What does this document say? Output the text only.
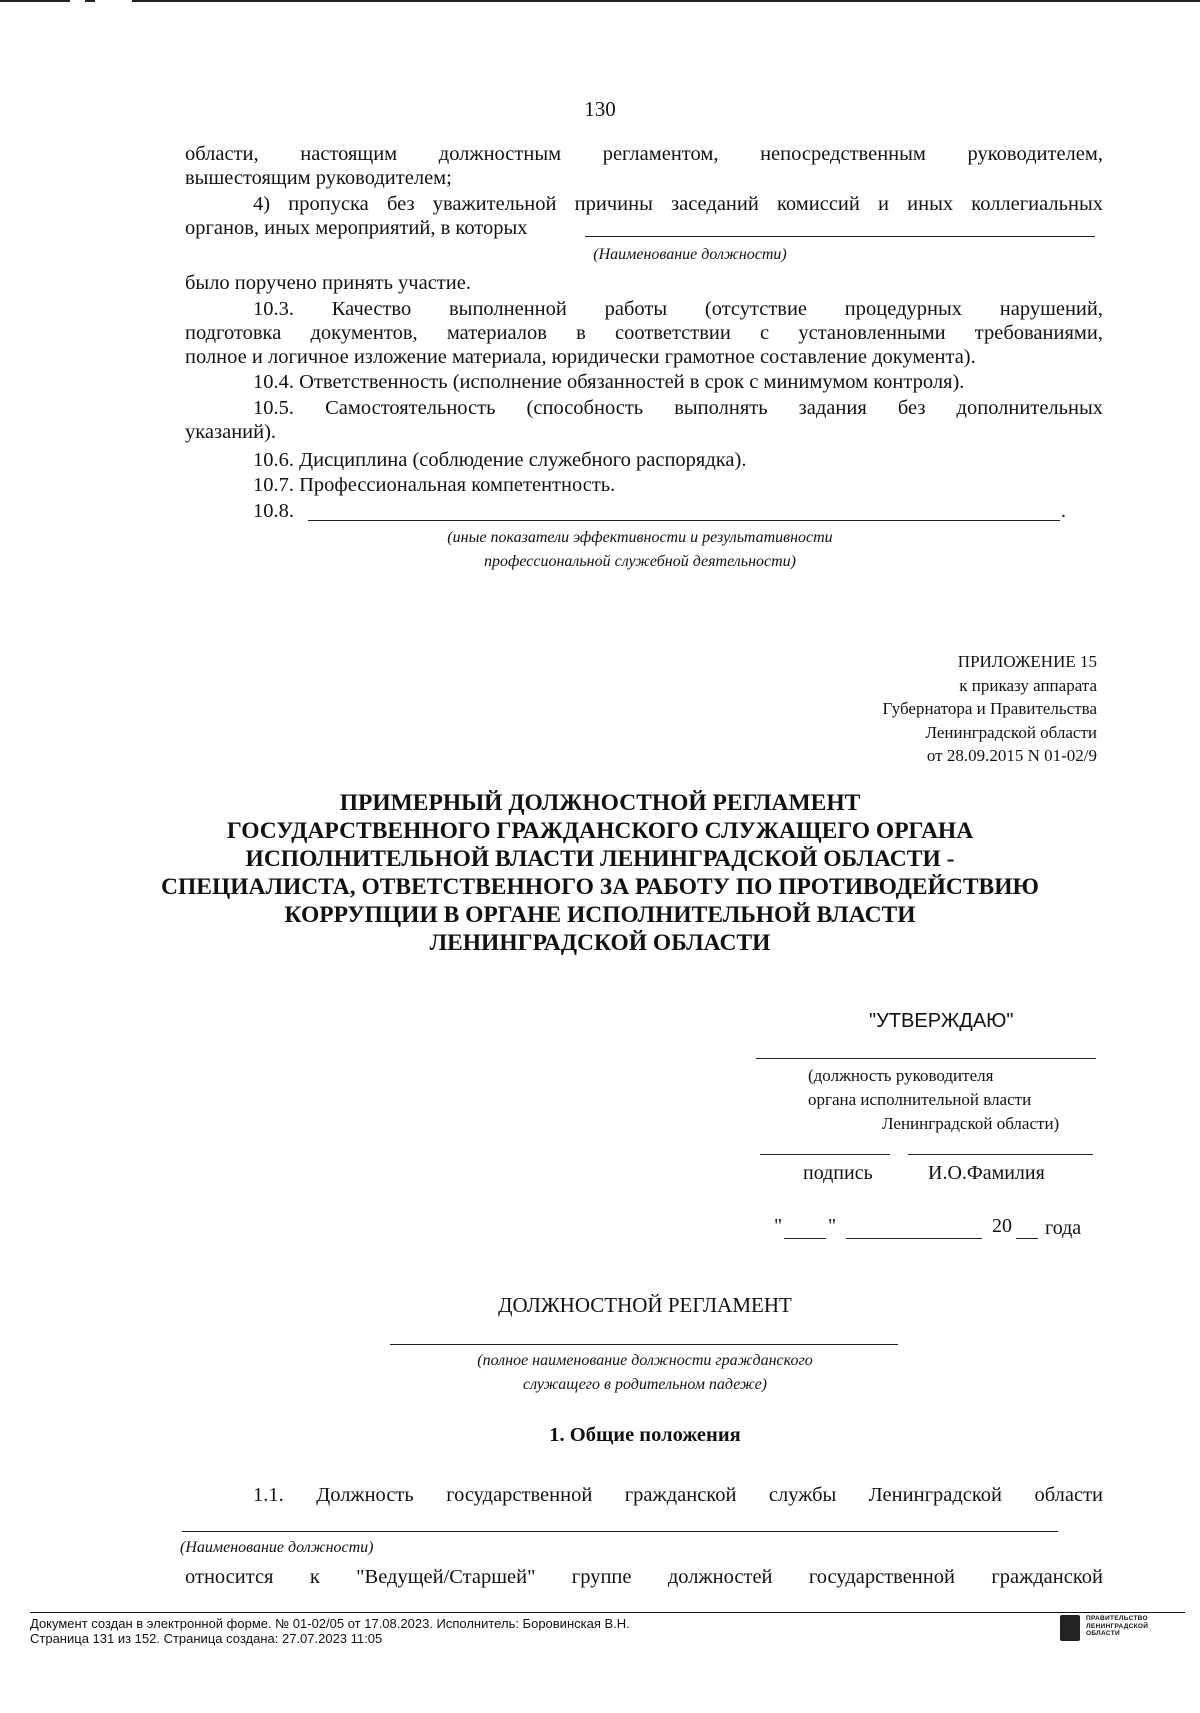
130
области, настоящим должностным регламентом, непосредственным руководителем,
вышестоящим руководителем;
4) пропуска без уважительной причины заседаний комиссий и иных коллегиальных
органов, иных мероприятий, в которых
(Наименование должности)
было поручено принять участие.
10.3. Качество выполненной работы (отсутствие процедурных нарушений,
подготовка документов, материалов в соответствии с установленными требованиями,
полное и логичное изложение материала, юридически грамотное составление документа).
10.4. Ответственность (исполнение обязанностей в срок с минимумом контроля).
10.5. Самостоятельность (способность выполнять задания без дополнительных
указаний).
10.6. Дисциплина (соблюдение служебного распорядка).
10.7. Профессиональная компетентность.
10.8.	.
(иные показатели эффективности и результативности
профессиональной служебной деятельности)
ПРИЛОЖЕНИЕ 15
к приказу аппарата
Губернатора и Правительства
Ленинградской области
от 28.09.2015 N 01-02/9
ПРИМЕРНЫЙ ДОЛЖНОСТНОЙ РЕГЛАМЕНТ
ГОСУДАРСТВЕННОГО ГРАЖДАНСКОГО СЛУЖАЩЕГО ОРГАНА
ИСПОЛНИТЕЛЬНОЙ ВЛАСТИ ЛЕНИНГРАДСКОЙ ОБЛАСТИ -
СПЕЦИАЛИСТА, ОТВЕТСТВЕННОГО ЗА РАБОТУ ПО ПРОТИВОДЕЙСТВИЮ
КОРРУПЦИИ В ОРГАНЕ ИСПОЛНИТЕЛЬНОЙ ВЛАСТИ
ЛЕНИНГРАДСКОЙ ОБЛАСТИ
"УТВЕРЖДАЮ"
(должность руководителя
органа исполнительной власти
Ленинградской области)
подпись	И.О.Фамилия
" "	20 года
ДОЛЖНОСТНОЙ РЕГЛАМЕНТ
(полное наименование должности гражданского
служащего в родительном падеже)
1. Общие положения
1.1. Должность государственной гражданской службы Ленинградской области
(Наименование должности)
относится к "Ведущей/Старшей" группе должностей государственной гражданской
Документ создан в электронной форме. № 01-02/05 от 17.08.2023. Исполнитель: Боровинская В.Н.
Страница 131 из 152. Страница создана: 27.07.2023 11:05
ПРАВИТЕЛЬСТВО
ЛЕНИНГРАДСКОЙ
ОБЛАСТИ
